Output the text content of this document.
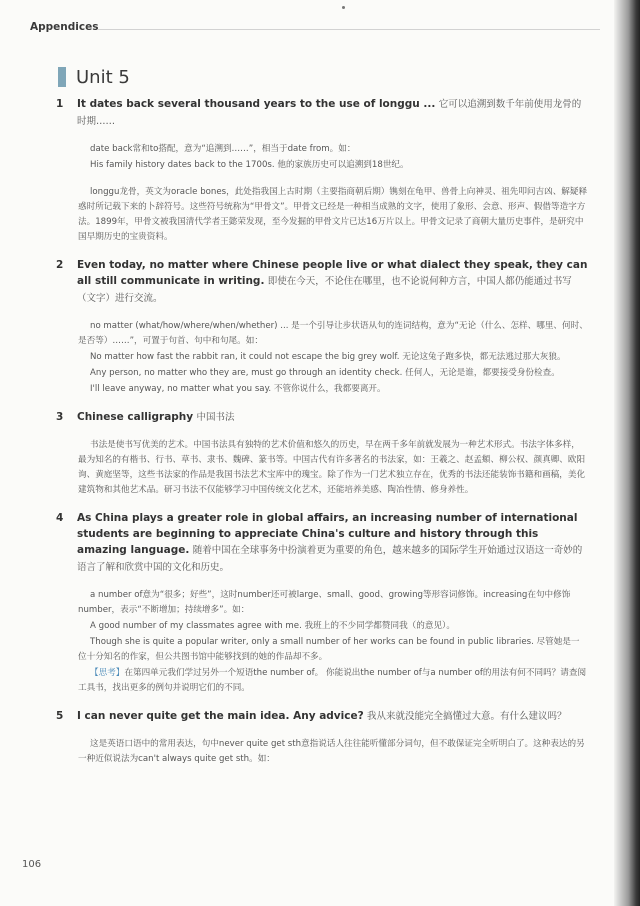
Appendices
Unit 5
1	It dates back several thousand years to the use of longgu ... 它可以追溯到数千年前使用龙骨的时期……
date back常和to搭配，意为“追溯到……”，相当于date from。如：
His family history dates back to the 1700s. 他的家族历史可以追溯到18世纪。
longgu龙骨，英文为oracle bones，此处指我国上古时期（主要指商朝后期）镌刻在龟甲、兽骨上向神灵、祖先叩问吉凶、解疑释惑时所记载下来的卜辞符号。这些符号统称为“甲骨文”。甲骨文已经是一种相当成熟的文字，使用了象形、会意、形声、假借等造字方法。1899年，甲骨文被我国清代学者王懿荣发现，至今发掘的甲骨文片已达16万片以上。甲骨文记录了商朝大量历史事件，是研究中国早期历史的宝贵资料。
2	Even today, no matter where Chinese people live or what dialect they speak, they can all still communicate in writing. 即使在今天，不论住在哪里，也不论说何种方言，中国人都仍能通过书写（文字）进行交流。
no matter (what/how/where/when/whether) ... 是一个引导让步状语从句的连词结构，意为“无论（什么、怎样、哪里、何时、是否等）……”，可置于句首、句中和句尾。如：
No matter how fast the rabbit ran, it could not escape the big grey wolf. 无论这兔子跑多快，都无法逃过那大灰狼。
Any person, no matter who they are, must go through an identity check. 任何人，无论是谁，都要接受身份检查。
I'll leave anyway, no matter what you say. 不管你说什么，我都要离开。
3	Chinese calligraphy 中国书法
书法是使书写优美的艺术。中国书法具有独特的艺术价值和悠久的历史，早在两千多年前就发展为一种艺术形式。书法字体多样，最为知名的有楷书、行书、草书、隶书、魏碑、篆书等。中国古代有许多著名的书法家，如：王羲之、赵孟頫、柳公权、颜真卿、欧阳询、黄庭坚等，这些书法家的作品是我国书法艺术宝库中的瑰宝。除了作为一门艺术独立存在，优秀的书法还能装饰书籍和画稿，美化建筑物和其他艺术品。研习书法不仅能够学习中国传统文化艺术，还能培养美感、陶冶性情、修身养性。
4	As China plays a greater role in global affairs, an increasing number of international students are beginning to appreciate China's culture and history through this amazing language. 随着中国在全球事务中扮演着更为重要的角色，越来越多的国际学生开始通过汉语这一奇妙的语言了解和欣赏中国的文化和历史。
a number of意为“很多；好些”，这时number还可被large、small、good、growing等形容词修饰。increasing在句中修饰number，表示“不断增加；持续增多”。如：
A good number of my classmates agree with me. 我班上的不少同学都赞同我（的意见）。
Though she is quite a popular writer, only a small number of her works can be found in public libraries. 尽管她是一位十分知名的作家，但公共图书馆中能够找到的她的作品却不多。
【思考】在第四单元我们学过另外一个短语the number of。 你能说出the number of与a number of的用法有何不同吗？请查阅工具书，找出更多的例句并说明它们的不同。
5	I can never quite get the main idea. Any advice? 我从来就没能完全搞懂过大意。有什么建议吗？
这是英语口语中的常用表达，句中never quite get sth意指说话人往往能听懂部分词句，但不敢保证完全听明白了。这种表达的另一种近似说法为can't always quite get sth。如：
106
